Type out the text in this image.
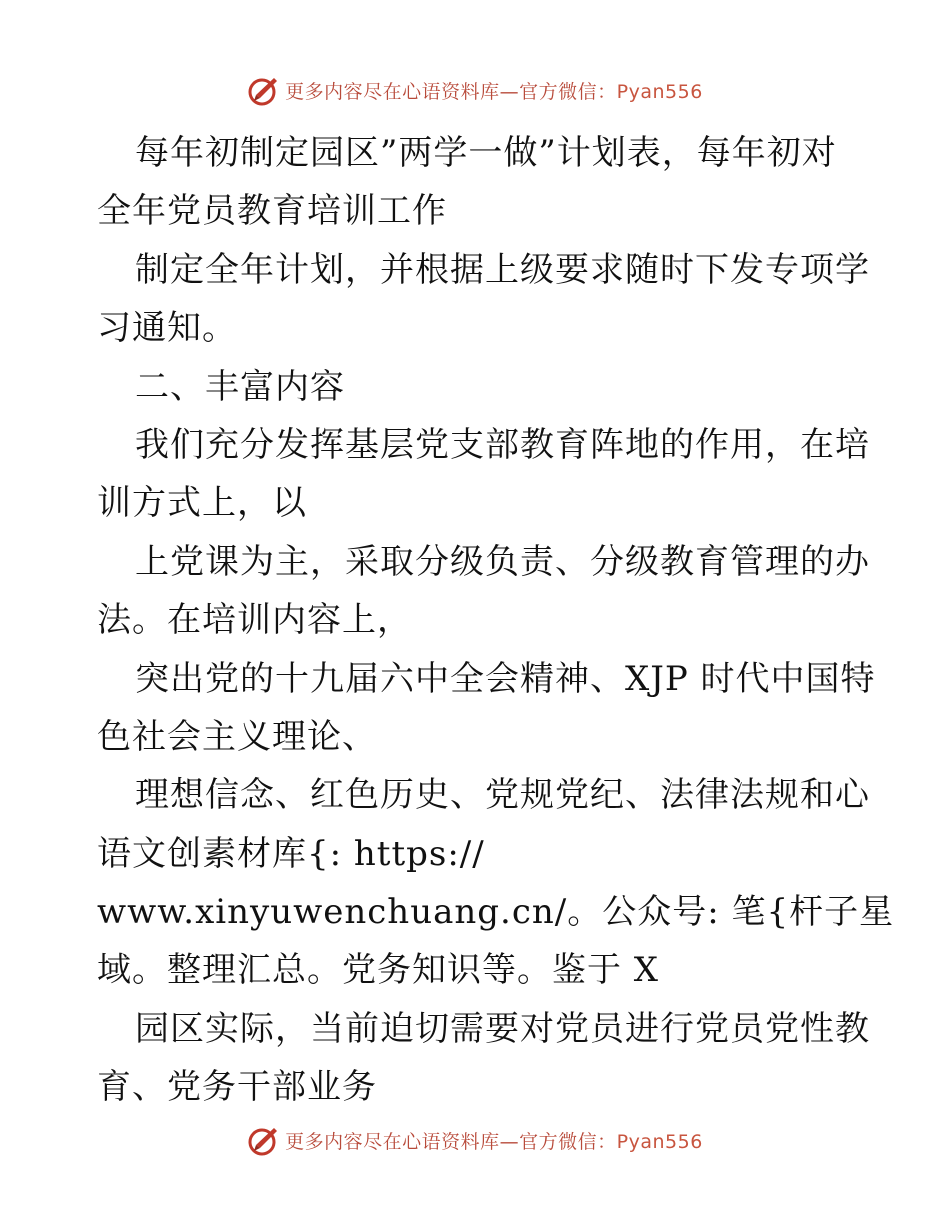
更多内容尽在心语资料库—官方微信：Pyan556
每年初制定园区”两学一做”计划表，每年初对
全年党员教育培训工作
制定全年计划，并根据上级要求随时下发专项学
习通知。
二、丰富内容
我们充分发挥基层党支部教育阵地的作用，在培
训方式上，以
上党课为主，采取分级负责、分级教育管理的办
法。在培训内容上，
突出党的十九届六中全会精神、XJP 时代中国特
色社会主义理论、
理想信念、红色历史、党规党纪、法律法规和心
语文创素材库{: https://
www.xinyuwenchuang.cn/。公众号: 笔{杆子星
域。整理汇总。党务知识等。鉴于 X
园区实际，当前迫切需要对党员进行党员党性教
育、党务干部业务
更多内容尽在心语资料库—官方微信：Pyan556
